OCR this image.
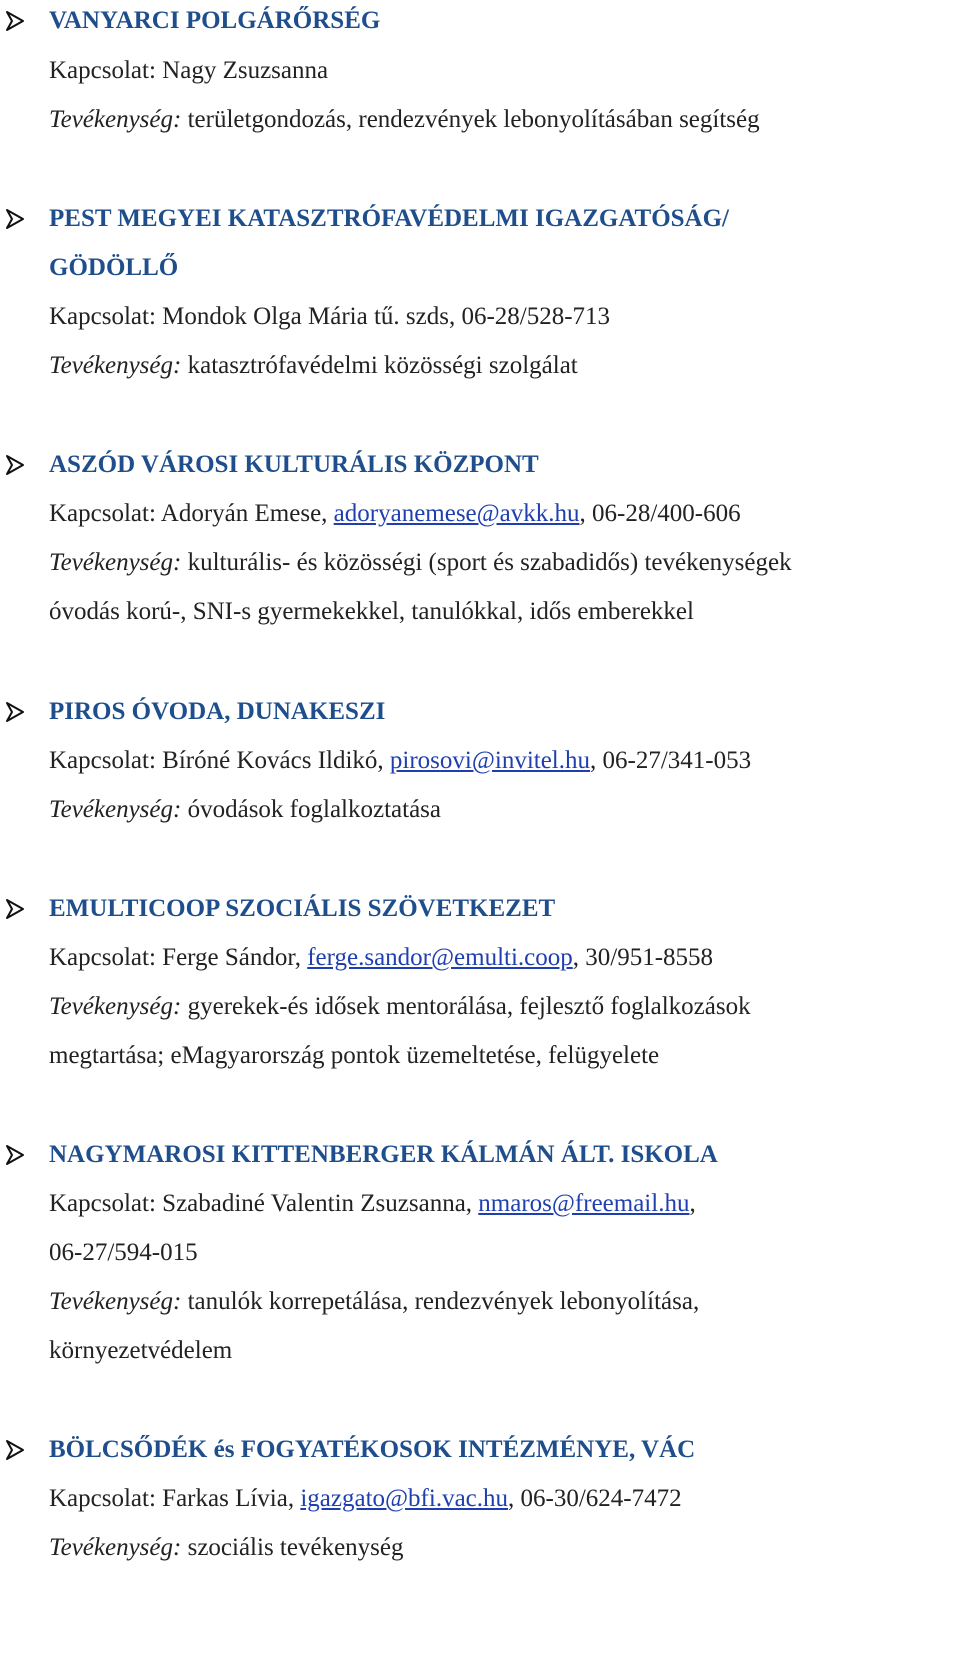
VANYARCI POLGÁRŐRSÉG
Kapcsolat: Nagy Zsuzsanna
Tevékenység: területgondozás, rendezvények lebonyolításában segítség
PEST MEGYEI KATASZTRÓFAVÉDELMI IGAZGATÓSÁG/
GÖDÖLLŐ
Kapcsolat: Mondok Olga Mária tű. szds, 06-28/528-713
Tevékenység: katasztrófavédelmi közösségi szolgálat
ASZÓD VÁROSI KULTURÁLIS KÖZPONT
Kapcsolat: Adoryán Emese, adoryanemese@avkk.hu, 06-28/400-606
Tevékenység: kulturális- és közösségi (sport és szabadidős) tevékenységek
óvodás korú-, SNI-s gyermekekkel, tanulókkal, idős emberekkel
PIROS ÓVODA, DUNAKESZI
Kapcsolat: Bíróné Kovács Ildikó, pirosovi@invitel.hu, 06-27/341-053
Tevékenység: óvodások foglalkoztatása
EMULTICOOP SZOCIÁLIS SZÖVETKEZET
Kapcsolat: Ferge Sándor, ferge.sandor@emulti.coop, 30/951-8558
Tevékenység: gyerekek-és idősek mentorálása, fejlesztő foglalkozások
megtartása; eMagyarország pontok üzemeltetése, felügyelete
NAGYMAROSI KITTENBERGER KÁLMÁN ÁLT. ISKOLA
Kapcsolat: Szabadiné Valentin Zsuzsanna, nmaros@freemail.hu,
06-27/594-015
Tevékenység: tanulók korrepetálása, rendezvények lebonyolítása,
környezetvédelem
BÖLCSŐDÉK és FOGYATÉKOSOK INTÉZMÉNYE, VÁC
Kapcsolat: Farkas Lívia, igazgato@bfi.vac.hu, 06-30/624-7472
Tevékenység: szociális tevékenység
